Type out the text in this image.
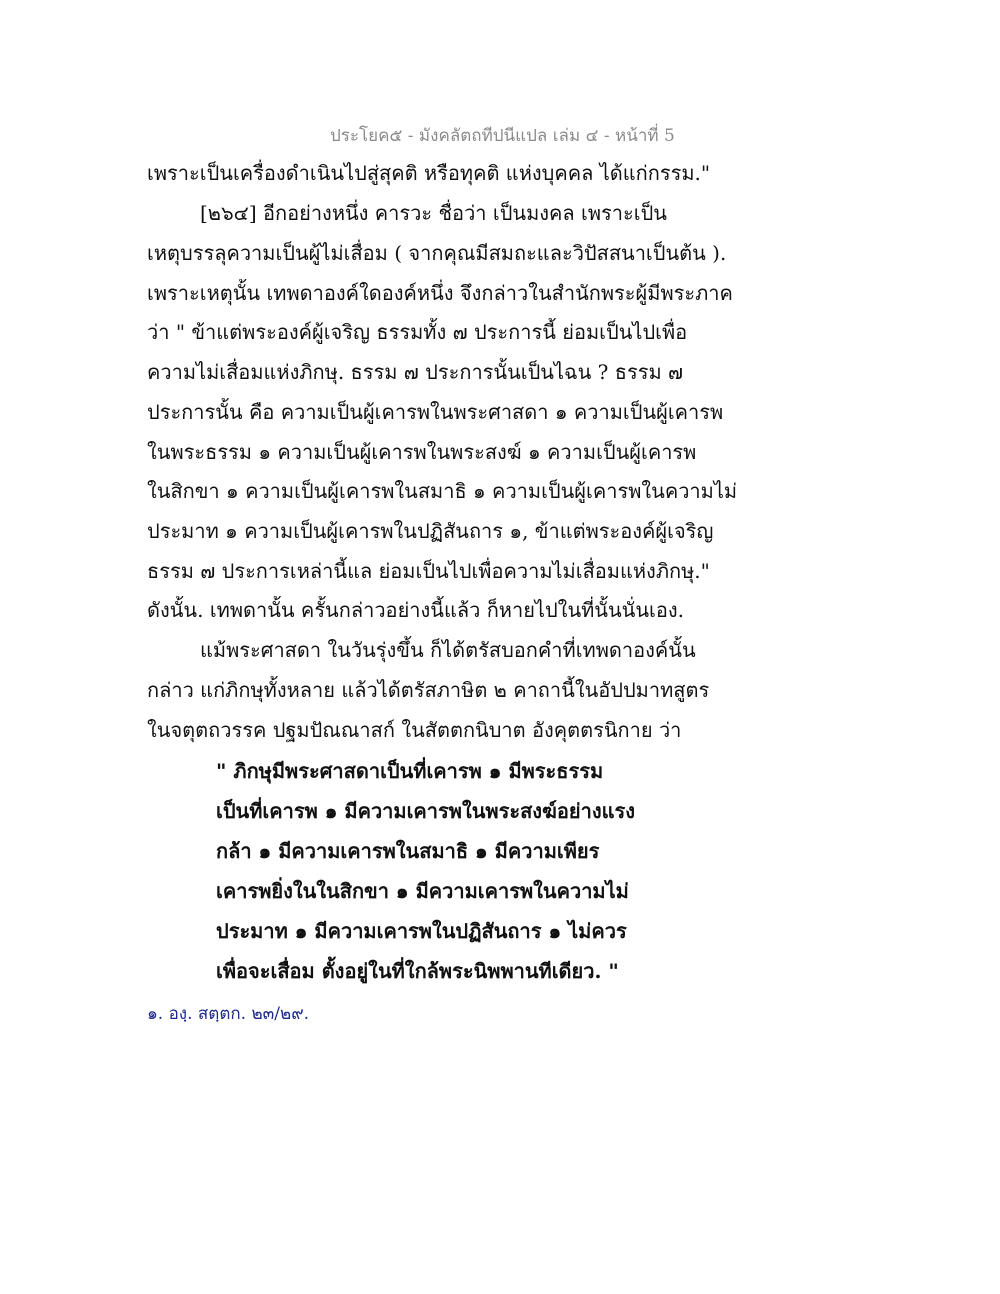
ประโยค๕ - มังคลัตถทีปนีแปล เล่ม ๔ - หน้าที่ 5
เพราะเป็นเครื่องดำเนินไปสู่สุคติ หรือทุคติ แห่งบุคคล ได้แก่กรรม."
[๒๖๔] อีกอย่างหนึ่ง คารวะ ชื่อว่า เป็นมงคล เพราะเป็น
เหตุบรรลุความเป็นผู้ไม่เสื่อม ( จากคุณมีสมถะและวิปัสสนาเป็นต้น ).
เพราะเหตุนั้น เทพดาองค์ใดองค์หนึ่ง จึงกล่าวในสำนักพระผู้มีพระภาค
ว่า " ข้าแต่พระองค์ผู้เจริญ ธรรมทั้ง ๗ ประการนี้ ย่อมเป็นไปเพื่อ
ความไม่เสื่อมแห่งภิกษุ. ธรรม ๗ ประการนั้นเป็นไฉน ? ธรรม ๗
ประการนั้น คือ ความเป็นผู้เคารพในพระศาสดา ๑ ความเป็นผู้เคารพ
ในพระธรรม ๑ ความเป็นผู้เคารพในพระสงฆ์ ๑ ความเป็นผู้เคารพ
ในสิกขา ๑ ความเป็นผู้เคารพในสมาธิ ๑ ความเป็นผู้เคารพในความไม่
ประมาท ๑ ความเป็นผู้เคารพในปฏิสันถาร ๑, ข้าแต่พระองค์ผู้เจริญ
ธรรม ๗ ประการเหล่านี้แล ย่อมเป็นไปเพื่อความไม่เสื่อมแห่งภิกษุ."
ดังนั้น. เทพดานั้น ครั้นกล่าวอย่างนี้แล้ว ก็หายไปในที่นั้นนั่นเอง.
แม้พระศาสดา ในวันรุ่งขึ้น ก็ได้ตรัสบอกคำที่เทพดาองค์นั้น
กล่าว แก่ภิกษุทั้งหลาย แล้วได้ตรัสภาษิต ๒ คาถานี้ในอัปปมาทสูตร
ในจตุตถวรรค ปฐมปัณณาสก์ ในสัตตกนิบาต อังคุตตรนิกาย ว่า
" ภิกษุมีพระศาสดาเป็นที่เคารพ ๑ มีพระธรรม
เป็นที่เคารพ ๑ มีความเคารพในพระสงฆ์อย่างแรง
กล้า ๑ มีความเคารพในสมาธิ ๑ มีความเพียร
เคารพยิ่งในในสิกขา ๑ มีความเคารพในความไม่
ประมาท ๑ มีความเคารพในปฏิสันถาร ๑ ไม่ควร
เพื่อจะเสื่อม ตั้งอยู่ในที่ใกล้พระนิพพานทีเดียว. "
๑. องฺ. สตฺตก. ๒๓/๒๙.
